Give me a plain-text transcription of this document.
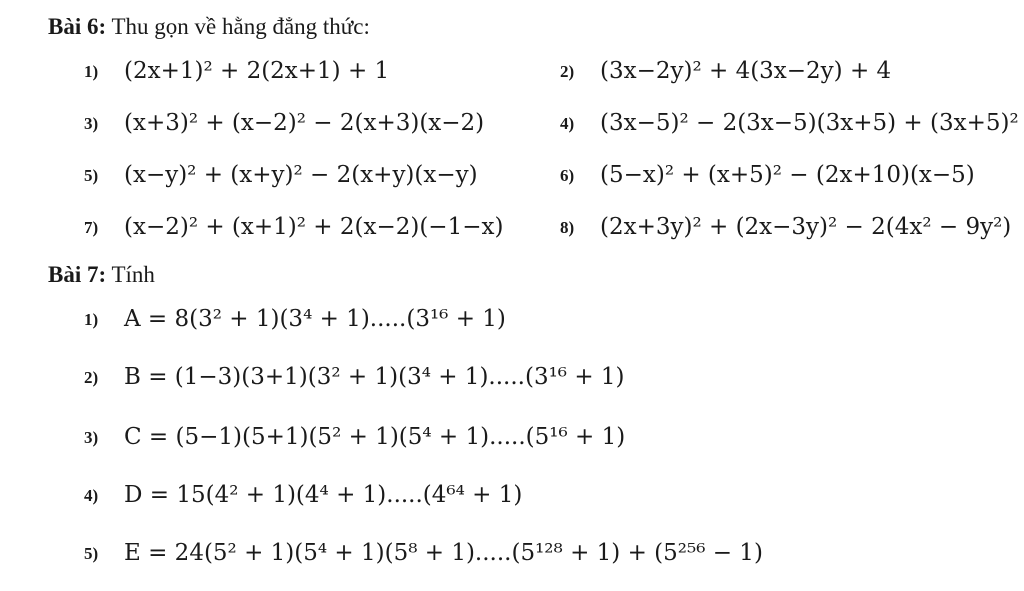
Bài 6: Thu gọn về hằng đẳng thức:
1) (2x+1)² + 2(2x+1) + 1	2) (3x−2y)² + 4(3x−2y) + 4
3) (x+3)² + (x−2)² − 2(x+3)(x−2)	4) (3x−5)² − 2(3x−5)(3x+5) + (3x+5)²
5) (x−y)² + (x+y)² − 2(x+y)(x−y)	6) (5−x)² + (x+5)² − (2x+10)(x−5)
7) (x−2)² + (x+1)² + 2(x−2)(−1−x)	8) (2x+3y)² + (2x−3y)² − 2(4x² − 9y²)
Bài 7: Tính
1) A = 8(3² + 1)(3⁴ + 1).....(3¹⁶ + 1)
2) B = (1−3)(3+1)(3² + 1)(3⁴ + 1).....(3¹⁶ + 1)
3) C = (5−1)(5+1)(5² + 1)(5⁴ + 1).....(5¹⁶ + 1)
4) D = 15(4² + 1)(4⁴ + 1).....(4⁶⁴ + 1)
5) E = 24(5² + 1)(5⁴ + 1)(5⁸ + 1).....(5¹²⁸ + 1) + (5²⁵⁶ − 1)
